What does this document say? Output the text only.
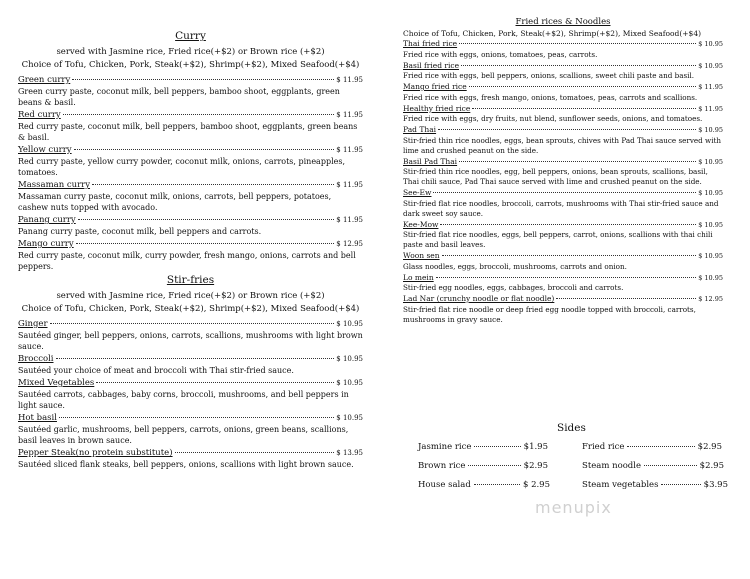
Curry
served with Jasmine rice, Fried rice(+$2) or Brown rice (+$2)
Choice of Tofu, Chicken, Pork, Steak(+$2), Shrimp(+$2), Mixed Seafood(+$4)
Green curry	$ 11.95
Green curry paste, coconut milk, bell peppers, bamboo shoot, eggplants, green beans & basil.
Red curry	$ 11.95
Red curry paste, coconut milk, bell peppers, bamboo shoot, eggplants, green beans & basil.
Yellow curry	$ 11.95
Red curry paste, yellow curry powder, coconut milk, onions, carrots, pineapples, tomatoes.
Massaman curry	$ 11.95
Massaman curry paste, coconut milk, onions, carrots, bell peppers, potatoes, cashew nuts topped with avocado.
Panang curry	$ 11.95
Panang curry paste, coconut milk, bell peppers and carrots.
Mango curry	$ 12.95
Red curry paste, coconut milk, curry powder, fresh mango, onions, carrots and bell peppers.
Stir-fries
served with Jasmine rice, Fried rice(+$2) or Brown rice (+$2)
Choice of Tofu, Chicken, Pork, Steak(+$2), Shrimp(+$2), Mixed Seafood(+$4)
Ginger	$ 10.95
Sautéed ginger, bell peppers, onions, carrots, scallions, mushrooms with light brown sauce.
Broccoli	$ 10.95
Sautéed your choice of meat and broccoli with Thai stir-fried sauce.
Mixed Vegetables	$ 10.95
Sautéed carrots, cabbages, baby corns, broccoli, mushrooms, and bell peppers in light sauce.
Hot basil	$ 10.95
Sautéed garlic, mushrooms, bell peppers, carrots, onions, green beans, scallions, basil leaves in brown sauce.
Pepper Steak(no protein substitute)	$ 13.95
Sautéed sliced flank steaks, bell peppers, onions, scallions with light brown sauce.
Fried rices & Noodles
Choice of Tofu, Chicken, Pork, Steak(+$2), Shrimp(+$2), Mixed Seafood(+$4)
Thai fried rice	$ 10.95
Fried rice with eggs, onions, tomatoes, peas, carrots.
Basil fried rice	$ 10.95
Fried rice with eggs, bell peppers, onions, scallions, sweet chili paste and basil.
Mango fried rice	$ 11.95
Fried rice with eggs, fresh mango, onions, tomatoes, peas, carrots and scallions.
Healthy fried rice	$ 11.95
Fried rice with eggs, dry fruits, nut blend, sunflower seeds, onions, and tomatoes.
Pad Thai	$ 10.95
Stir-fried thin rice noodles, eggs, bean sprouts, chives with Pad Thai sauce served with lime and crushed peanut on the side.
Basil Pad Thai	$ 10.95
Stir-fried thin rice noodles, egg, bell peppers, onions, bean sprouts, scallions, basil, Thai chili sauce, Pad Thai sauce served with lime and crushed peanut on the side.
See-Ew	$ 10.95
Stir-fried flat rice noodles, broccoli, carrots, mushrooms with Thai stir-fried sauce and dark sweet soy sauce.
Kee-Mow	$ 10.95
Stir-fried flat rice noodles, eggs, bell peppers, carrot, onions, scallions with thai chili paste and basil leaves.
Woon sen	$ 10.95
Glass noodles, eggs, broccoli, mushrooms, carrots and onion.
Lo mein	$ 10.95
Stir-fried egg noodles, eggs, cabbages, broccoli and carrots.
Lad Nar (crunchy noodle or flat noodle)	$ 12.95
Stir-fried flat rice noodle or deep fried egg noodle topped with broccoli, carrots, mushrooms in gravy sauce.
Sides
Jasmine rice	$1.95
Brown rice	$2.95
House salad	$ 2.95
Fried rice	$2.95
Steam noodle	$2.95
Steam vegetables	$3.95
menupix
